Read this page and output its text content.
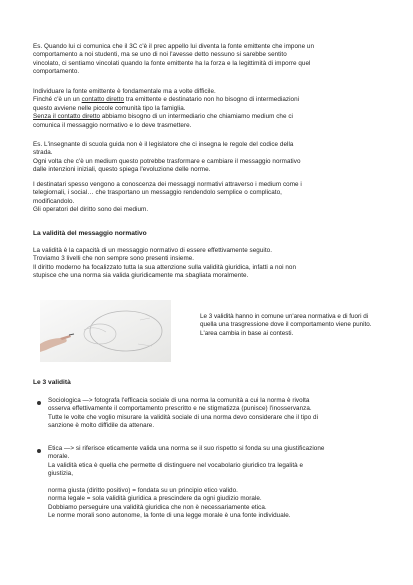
Es. Quando lui ci comunica che il 3C c'è il prec appello lui diventa la fonte emittente che impone un
comportamento a noi studenti, ma se uno di noi l'avesse detto nessuno si sarebbe sentito
vincolato, ci sentiamo vincolati quando la fonte emittente ha la forza e la legittimità di imporre quel
comportamento.
Individuare la fonte emittente è fondamentale ma a volte difficile.
Finché c'è un un contatto diretto tra emittente e destinatario non ho bisogno di intermediazioni
questo avviene nelle piccole comunità tipo la famiglia.
Senza il contatto diretto abbiamo bisogno di un intermediario che chiamiamo medium che ci
comunica il messaggio normativo e lo deve trasmettere.
Es. L'insegnante di scuola guida non è il legislatore che ci insegna le regole del codice della
strada.
Ogni volta che c'è un medium questo potrebbe trasformare e cambiare il messaggio normativo
dalle intenzioni iniziali, questo spiega l'evoluzione delle norme.
I destinatari spesso vengono a conoscenza dei messaggi normativi attraverso i medium come i
telegiornali, i social… che trasportano un messaggio rendendolo semplice o complicato,
modificandolo.
Gli operatori del diritto sono dei medium.
La validità del messaggio normativo
La validità è la capacità di un messaggio normativo di essere effettivamente seguito.
Troviamo 3 livelli che non sempre sono presenti insieme.
Il diritto moderno ha focalizzato tutta la sua attenzione sulla validità giuridica, infatti a noi non
stupisce che una norma sia valida giuridicamente ma sbagliata moralmente.
Le 3 validità hanno in comune un'area normativa e di fuori di
quella una trasgressione dove il comportamento viene punito.
L'area cambia in base ai contesti.
Le 3 validità
Sociologica —> fotografa l'efficacia sociale di una norma la comunità a cui la norma è rivolta
osserva effettivamente il comportamento prescritto e ne stigmatizza (punisce) l'inosservanza.
Tutte le volte che voglio misurare la validità sociale di una norma devo considerare che il tipo di
sanzione è molto diffidile da attenare.
Etica —> si riferisce eticamente valida una norma se il suo rispetto si fonda su una giustificazione
morale.
La validità etica è quella che permette di distinguere nel vocabolario giuridico tra legalità e
giustizia,
norma giusta (diritto positivo) = fondata su un principio etico valido.
norma legale = sola validità giuridica a prescindere da ogni giudizio morale.
Dobbiamo perseguire una validità giuridica che non è necessariamente etica.
Le norme morali sono autonome, la fonte di una legge morale è una fonte individuale.
